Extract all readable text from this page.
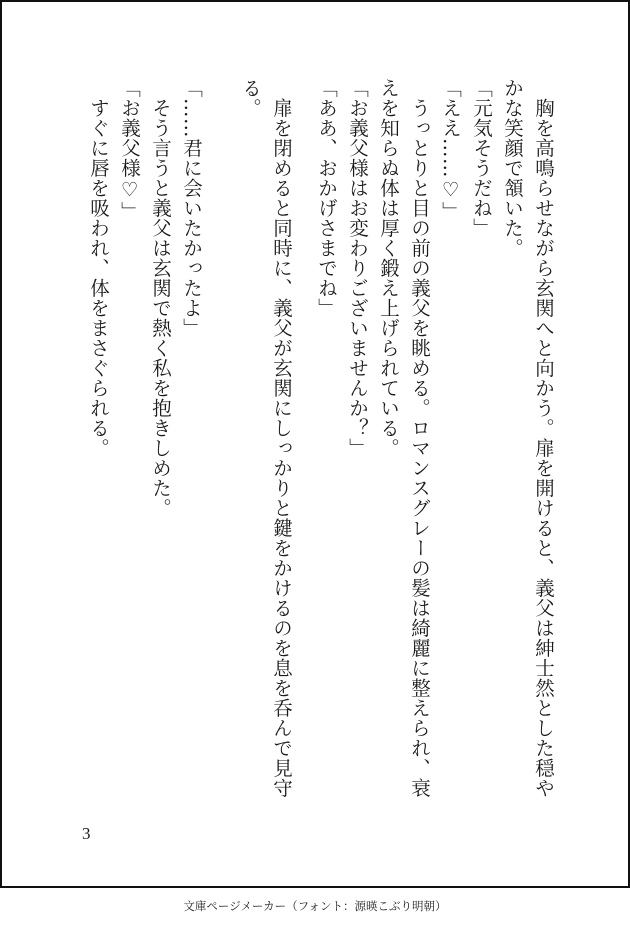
　胸を高鳴らせながら玄関へと向かう。扉を開けると、義父は紳士然とした穏や
かな笑顔で頷いた。
「元気そうだね」
「ええ……♡」
　うっとりと目の前の義父を眺める。ロマンスグレーの髪は綺麗に整えられ、衰
えを知らぬ体は厚く鍛え上げられている。
「お義父様はお変わりございませんか？」
「ああ、おかげさまでね」
　扉を閉めると同時に、義父が玄関にしっかりと鍵をかけるのを息を呑んで見守
る。
「……君に会いたかったよ」
　そう言うと義父は玄関で熱く私を抱きしめた。
「お義父様♡」
　すぐに唇を吸われ、体をまさぐられる。
3
文庫ページメーカー（フォント：源暎こぶり明朝）
